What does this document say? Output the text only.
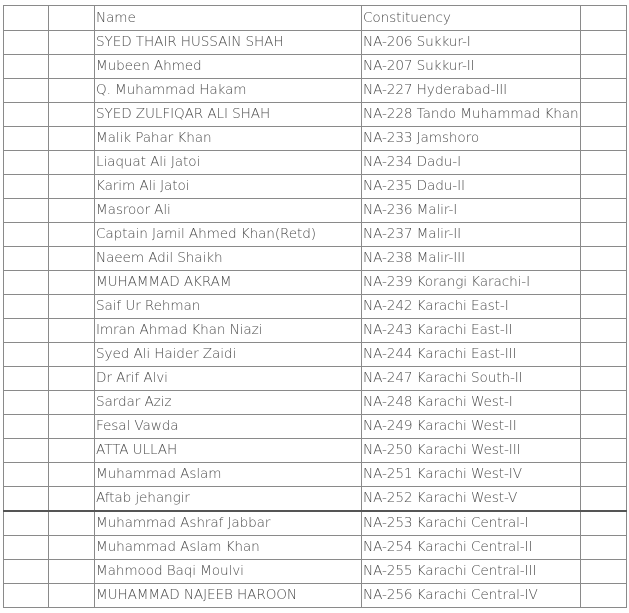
		Name	Constituency	
		SYED THAIR HUSSAIN SHAH	NA-206 Sukkur-I	
		Mubeen Ahmed	NA-207 Sukkur-II	
		Q. Muhammad Hakam	NA-227 Hyderabad-III	
		SYED ZULFIQAR ALI SHAH	NA-228 Tando Muhammad Khan	
		Malik Pahar Khan	NA-233 Jamshoro	
		Liaquat Ali Jatoi	NA-234 Dadu-I	
		Karim Ali Jatoi	NA-235 Dadu-II	
		Masroor Ali	NA-236 Malir-I	
		Captain Jamil Ahmed Khan(Retd)	NA-237 Malir-II	
		Naeem Adil Shaikh	NA-238 Malir-III	
		MUHAMMAD AKRAM	NA-239 Korangi Karachi-I	
		Saif Ur Rehman	NA-242 Karachi East-I	
		Imran Ahmad Khan Niazi	NA-243 Karachi East-II	
		Syed Ali Haider Zaidi	NA-244 Karachi East-III	
		Dr Arif Alvi	NA-247 Karachi South-II	
		Sardar Aziz	NA-248 Karachi West-I	
		Fesal Vawda	NA-249 Karachi West-II	
		ATTA ULLAH	NA-250 Karachi West-III	
		Muhammad Aslam	NA-251 Karachi West-IV	
		Aftab jehangir	NA-252 Karachi West-V	
		Muhammad Ashraf Jabbar	NA-253 Karachi Central-I	
		Muhammad Aslam Khan	NA-254 Karachi Central-II	
		Mahmood Baqi Moulvi	NA-255 Karachi Central-III	
		MUHAMMAD NAJEEB HAROON	NA-256 Karachi Central-IV	
